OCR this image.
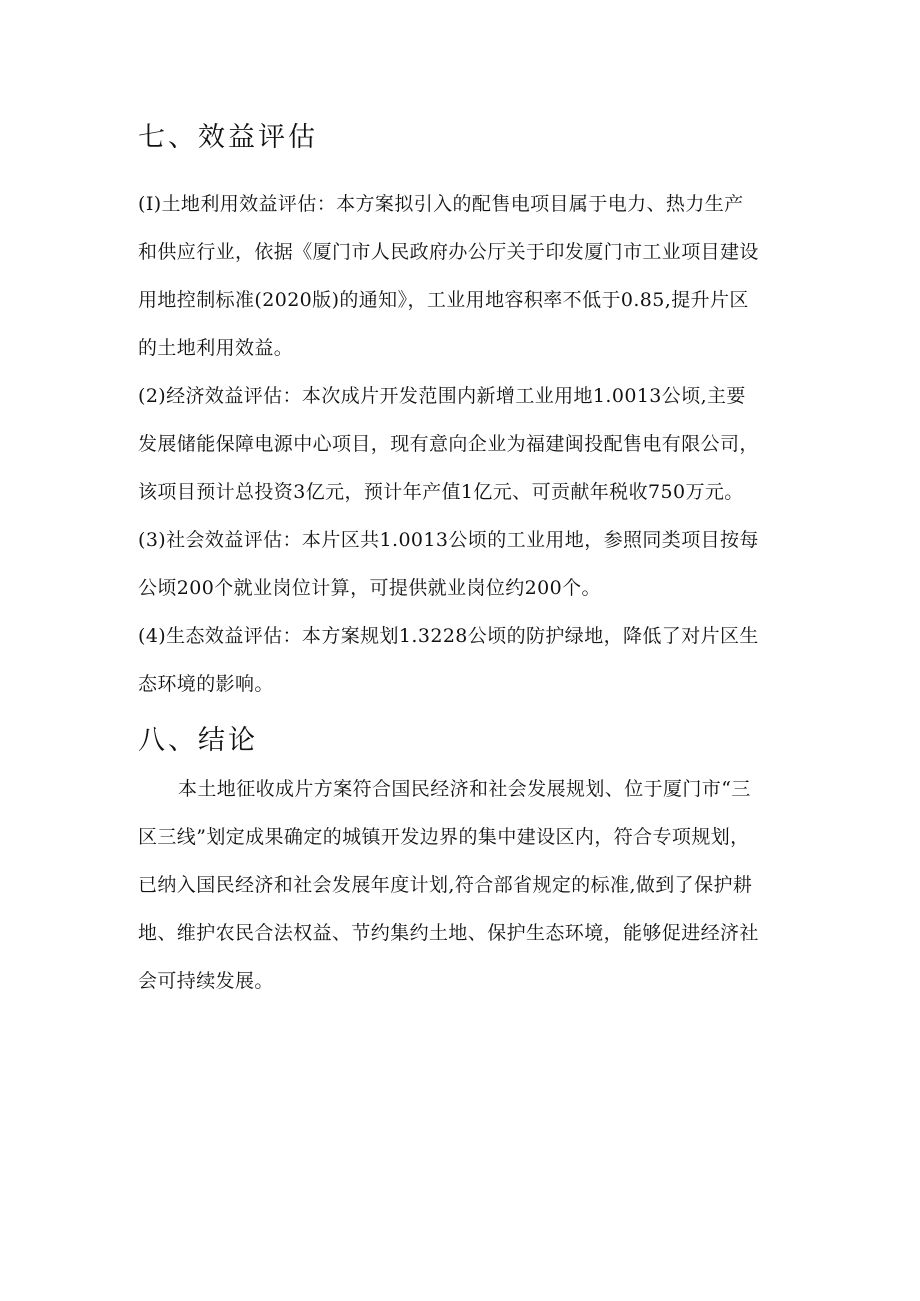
七、效益评估
(I)土地利用效益评估：本方案拟引入的配售电项目属于电力、热力生产
和供应行业，依据《厦门市人民政府办公厅关于印发厦门市工业项目建设
用地控制标准(2020版)的通知》，工业用地容积率不低于0.85,提升片区
的土地利用效益。
(2)经济效益评估：本次成片开发范围内新增工业用地1.0013公顷,主要
发展储能保障电源中心项目，现有意向企业为福建闽投配售电有限公司，
该项目预计总投资3亿元，预计年产值1亿元、可贡献年税收750万元。
(3)社会效益评估：本片区共1.0013公顷的工业用地，参照同类项目按每
公顷200个就业岗位计算，可提供就业岗位约200个。
(4)生态效益评估：本方案规划1.3228公顷的防护绿地，降低了对片区生
态环境的影响。
八、结论
本土地征收成片方案符合国民经济和社会发展规划、位于厦门市“三
区三线”划定成果确定的城镇开发边界的集中建设区内，符合专项规划，
已纳入国民经济和社会发展年度计划,符合部省规定的标准,做到了保护耕
地、维护农民合法权益、节约集约土地、保护生态环境，能够促进经济社
会可持续发展。
